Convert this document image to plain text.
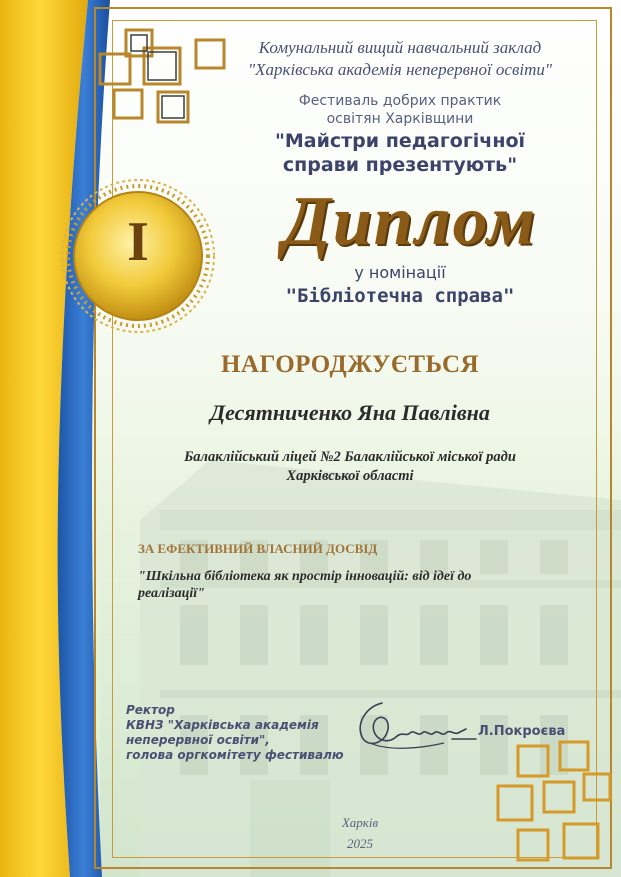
I

Комунальний вищий навчальний заклад

"Харківська академія неперервної освіти"

Фестиваль добрих практик

освітян Харківщини

"Майстри педагогічної

справи презентують"

Диплом

у номінації

"Бібліотечна справа"

НАГОРОДЖУЄТЬСЯ

Десятниченко Яна Павлівна

Балаклійський ліцей №2 Балаклійської міської ради

Харківської області

ЗА ЕФЕКТИВНИЙ ВЛАСНИЙ ДОСВІД

"Шкільна бібліотека як простір інновацій: від ідеї до

реалізації"

Ректор

КВНЗ "Харківська академія

неперервної освіти",

голова оргкомітету фестивалю

Л.Покроєва

Харків

2025
